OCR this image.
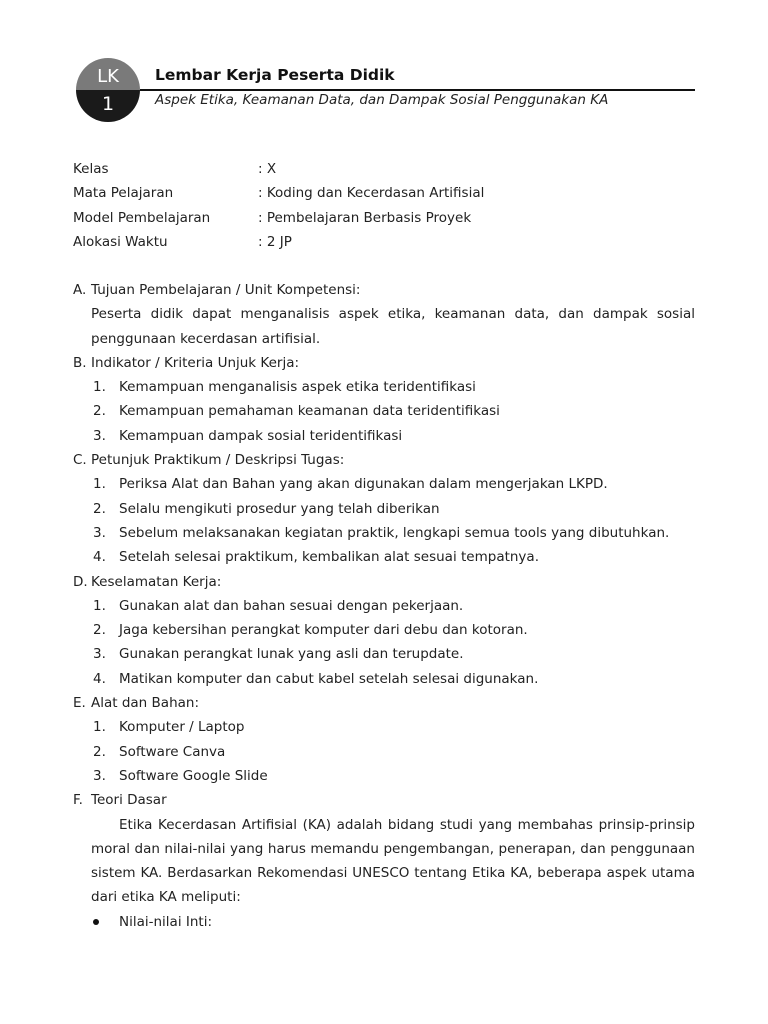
LK
1
Lembar Kerja Peserta Didik
Aspek Etika, Keamanan Data, dan Dampak Sosial Penggunakan KA
Kelas	: X
Mata Pelajaran	: Koding dan Kecerdasan Artifisial
Model Pembelajaran	: Pembelajaran Berbasis Proyek
Alokasi Waktu	: 2 JP
A. Tujuan Pembelajaran / Unit Kompetensi:
Peserta didik dapat menganalisis aspek etika, keamanan data, dan dampak sosial penggunaan kecerdasan artifisial.
B. Indikator / Kriteria Unjuk Kerja:
1. Kemampuan menganalisis aspek etika teridentifikasi
2. Kemampuan pemahaman keamanan data teridentifikasi
3. Kemampuan dampak sosial teridentifikasi
C. Petunjuk Praktikum / Deskripsi Tugas:
1. Periksa Alat dan Bahan yang akan digunakan dalam mengerjakan LKPD.
2. Selalu mengikuti prosedur yang telah diberikan
3. Sebelum melaksanakan kegiatan praktik, lengkapi semua tools yang dibutuhkan.
4. Setelah selesai praktikum, kembalikan alat sesuai tempatnya.
D. Keselamatan Kerja:
1. Gunakan alat dan bahan sesuai dengan pekerjaan.
2. Jaga kebersihan perangkat komputer dari debu dan kotoran.
3. Gunakan perangkat lunak yang asli dan terupdate.
4. Matikan komputer dan cabut kabel setelah selesai digunakan.
E. Alat dan Bahan:
1. Komputer / Laptop
2. Software Canva
3. Software Google Slide
F. Teori Dasar
Etika Kecerdasan Artifisial (KA) adalah bidang studi yang membahas prinsip-prinsip moral dan nilai-nilai yang harus memandu pengembangan, penerapan, dan penggunaan sistem KA. Berdasarkan Rekomendasi UNESCO tentang Etika KA, beberapa aspek utama dari etika KA meliputi:
Nilai-nilai Inti:
